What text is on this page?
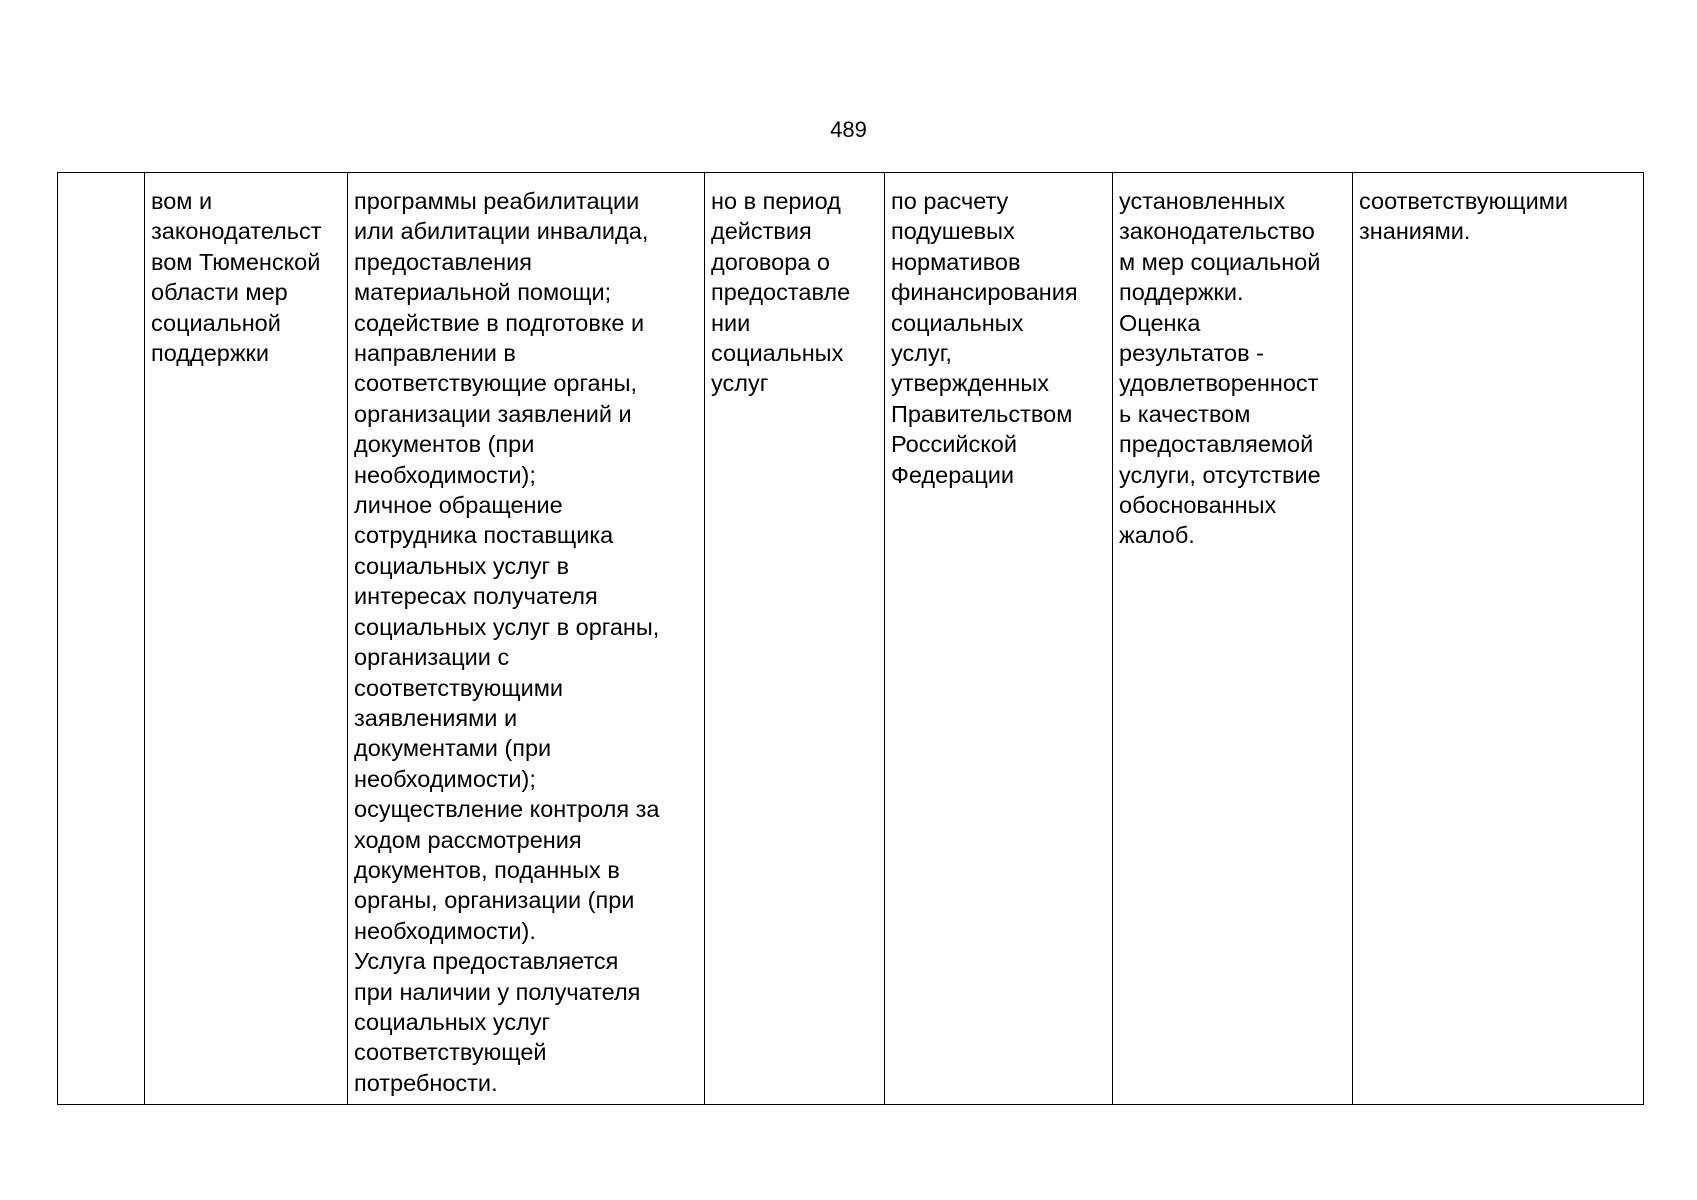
489
	вом и
законодательст
вом Тюменской
области мер
социальной
поддержки	программы реабилитации
или абилитации инвалида,
предоставления
материальной помощи;
содействие в подготовке и
направлении в
соответствующие органы,
организации заявлений и
документов (при
необходимости);
личное обращение
сотрудника поставщика
социальных услуг в
интересах получателя
социальных услуг в органы,
организации с
соответствующими
заявлениями и
документами (при
необходимости);
осуществление контроля за
ходом рассмотрения
документов, поданных в
органы, организации (при
необходимости).
Услуга предоставляется
при наличии у получателя
социальных услуг
соответствующей
потребности.	но в период
действия
договора о
предоставле
нии
социальных
услуг	по расчету
подушевых
нормативов
финансирования
социальных
услуг,
утвержденных
Правительством
Российской
Федерации	установленных
законодательство
м мер социальной
поддержки.
Оценка
результатов -
удовлетворенност
ь качеством
предоставляемой
услуги, отсутствие
обоснованных
жалоб.	соответствующими
знаниями.
